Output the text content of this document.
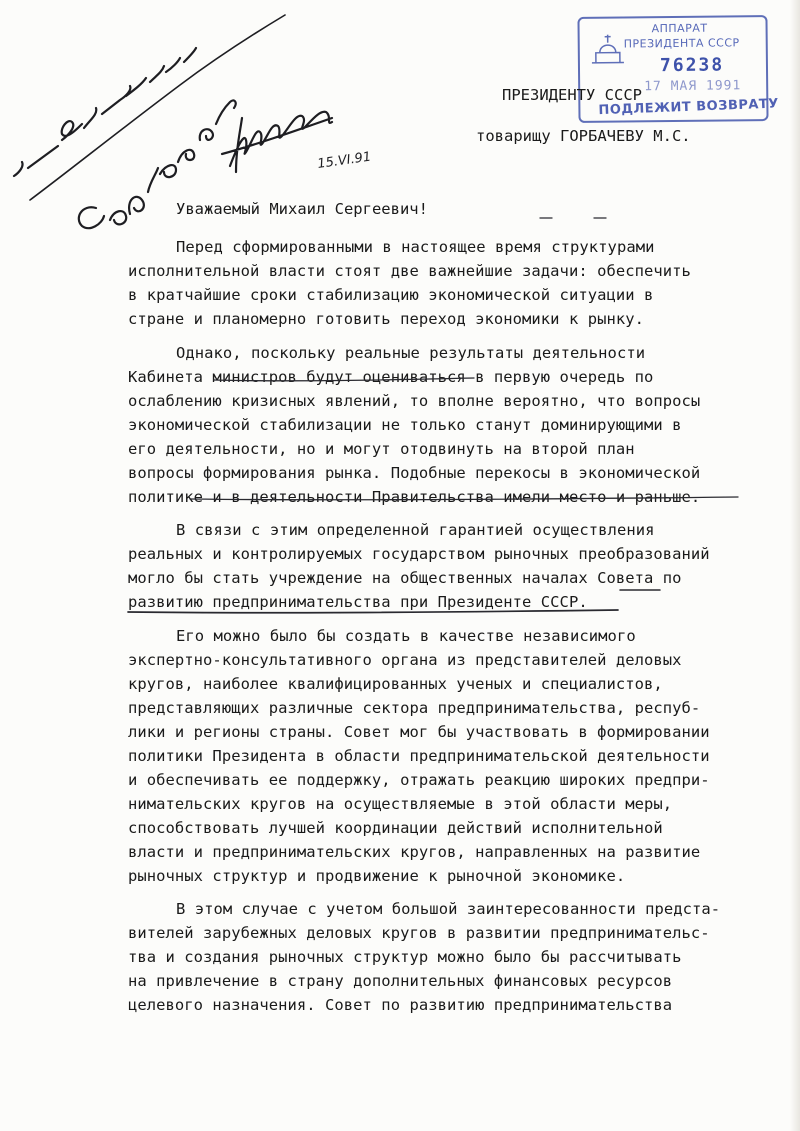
15.VI.91
АППАРАТ
ПРЕЗИДЕНТА СССР
76238
17 МАЯ 1991
ПОДЛЕЖИТ ВОЗВРАТУ
ПРЕЗИДЕНТУ СССР
товарищу ГОРБАЧЕВУ М.С.
Уважаемый Михаил Сергеевич!
Перед сформированными в настоящее время структурами
исполнительной власти стоят две важнейшие задачи: обеспечить
в кратчайшие сроки стабилизацию экономической ситуации в
стране и планомерно готовить переход экономики к рынку.
Однако, поскольку реальные результаты деятельности
Кабинета министров будут оцениваться в первую очередь по
ослаблению кризисных явлений, то вполне вероятно, что вопросы
экономической стабилизации не только станут доминирующими в
его деятельности, но и могут отодвинуть на второй план
вопросы формирования рынка. Подобные перекосы в экономической
политике и в деятельности Правительства имели место и раньше.
В связи с этим определенной гарантией осуществления
реальных и контролируемых государством рыночных преобразований
могло бы стать учреждение на общественных началах Совета по
развитию предпринимательства при Президенте СССР.
Его можно было бы создать в качестве независимого
экспертно-консультативного органа из представителей деловых
кругов, наиболее квалифицированных ученых и специалистов,
представляющих различные сектора предпринимательства, респуб-
лики и регионы страны. Совет мог бы участвовать в формировании
политики Президента в области предпринимательской деятельности
и обеспечивать ее поддержку, отражать реакцию широких предпри-
нимательских кругов на осуществляемые в этой области меры,
способствовать лучшей координации действий исполнительной
власти и предпринимательских кругов, направленных на развитие
рыночных структур и продвижение к рыночной экономике.
В этом случае с учетом большой заинтересованности предста-
вителей зарубежных деловых кругов в развитии предпринимательс-
тва и создания рыночных структур можно было бы рассчитывать
на привлечение в страну дополнительных финансовых ресурсов
целевого назначения. Совет по развитию предпринимательства
